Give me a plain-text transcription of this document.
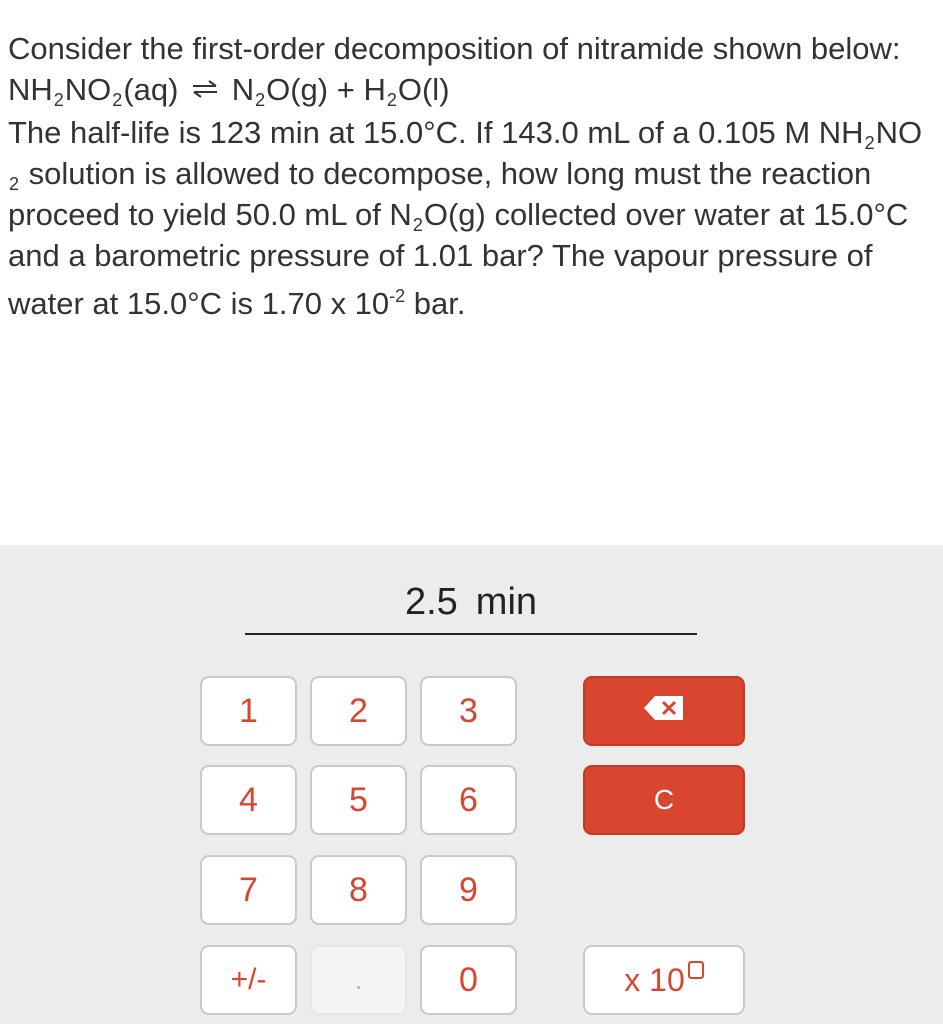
Consider the first-order decomposition of nitramide shown below:

NH2NO2(aq) ⇌ N2O(g) + H2O(l)

The half-life is 123 min at 15.0°C. If 143.0 mL of a 0.105 M NH2NO2 solution is allowed to decompose, how long must the reaction proceed to yield 50.0 mL of N2O(g) collected over water at 15.0°C and a barometric pressure of 1.01 bar? The vapour pressure of water at 15.0°C is 1.70 x $10^{-2}$ bar.

2.5 min
1	2	3
4	5	6	C
7	8	9
+/-	.	0	x 10
